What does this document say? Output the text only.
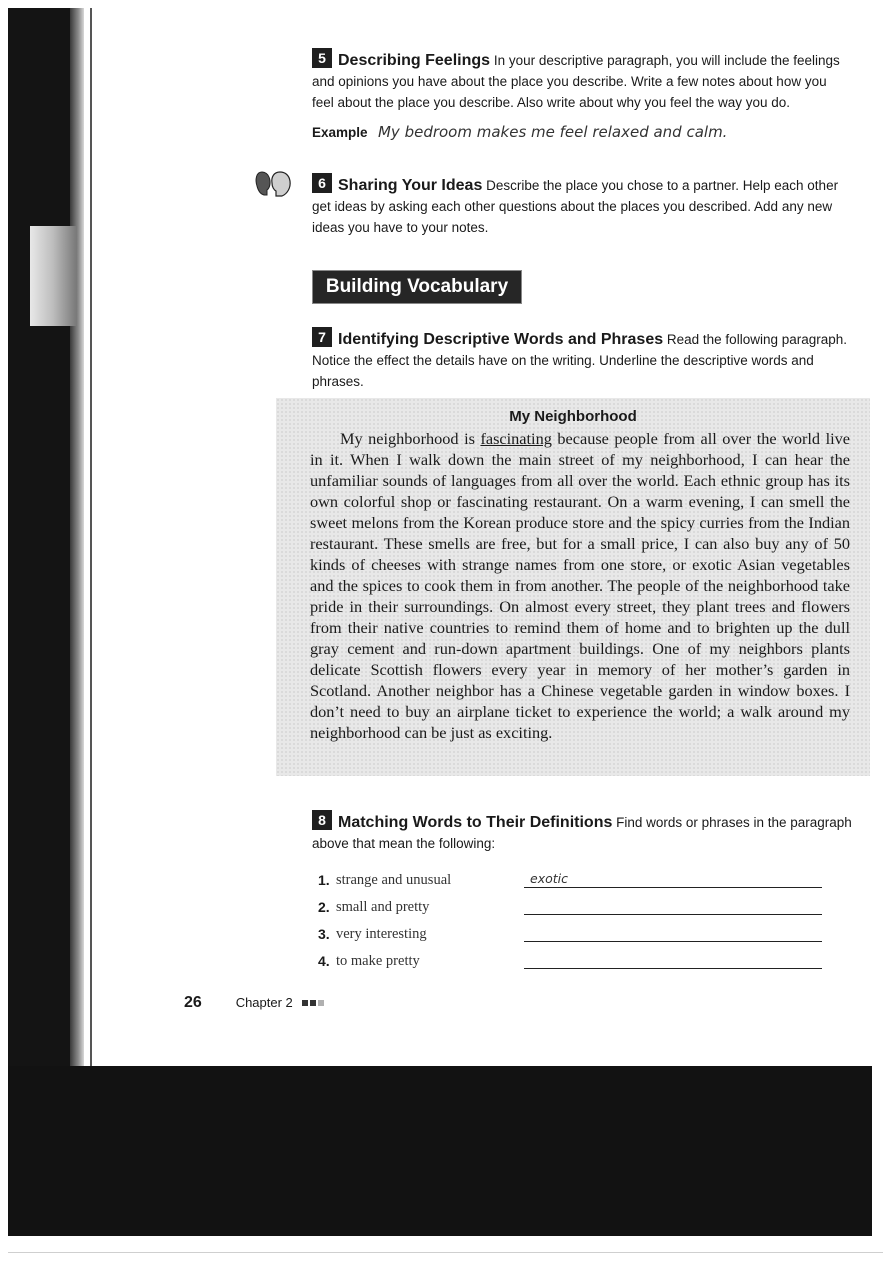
5 Describing Feelings In your descriptive paragraph, you will include the feelings and opinions you have about the place you describe. Write a few notes about how you feel about the place you describe. Also write about why you feel the way you do.
Example My bedroom makes me feel relaxed and calm.
6 Sharing Your Ideas Describe the place you chose to a partner. Help each other get ideas by asking each other questions about the places you described. Add any new ideas you have to your notes.
Building Vocabulary
7 Identifying Descriptive Words and Phrases Read the following paragraph. Notice the effect the details have on the writing. Underline the descriptive words and phrases.
My Neighborhood

My neighborhood is fascinating because people from all over the world live in it. When I walk down the main street of my neighborhood, I can hear the unfamiliar sounds of languages from all over the world. Each ethnic group has its own colorful shop or fascinating restaurant. On a warm evening, I can smell the sweet melons from the Korean produce store and the spicy curries from the Indian restaurant. These smells are free, but for a small price, I can also buy any of 50 kinds of cheeses with strange names from one store, or exotic Asian vegetables and the spices to cook them in from another. The people of the neighborhood take pride in their surroundings. On almost every street, they plant trees and flowers from their native countries to remind them of home and to brighten up the dull gray cement and run-down apartment buildings. One of my neighbors plants delicate Scottish flowers every year in memory of her mother’s garden in Scotland. Another neighbor has a Chinese vegetable garden in window boxes. I don’t need to buy an airplane ticket to experience the world; a walk around my neighborhood can be just as exciting.

8 Matching Words to Their Definitions Find words or phrases in the paragraph above that mean the following:
1. strange and unusual	exotic
2. small and pretty
3. very interesting
4. to make pretty
26	Chapter 2
